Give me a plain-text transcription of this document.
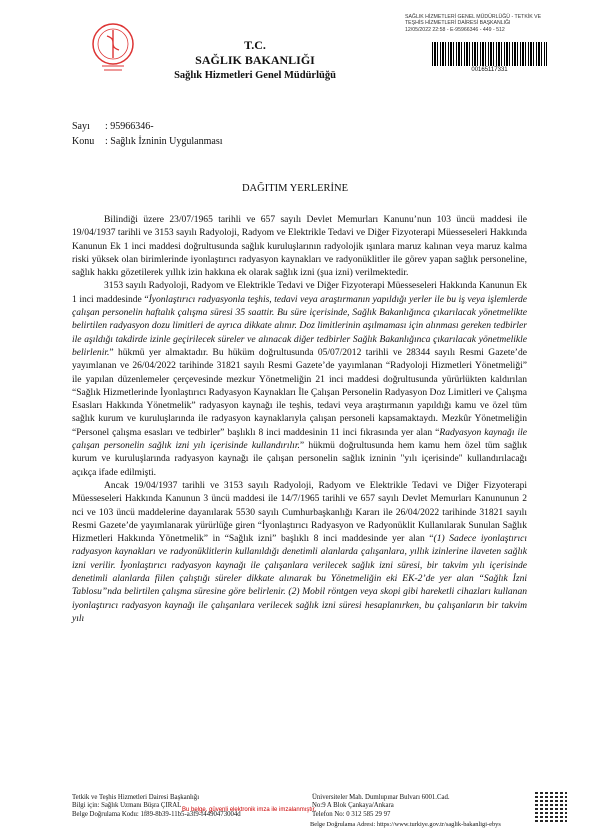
T.C.
SAĞLIK BAKANLIĞI
Sağlık Hizmetleri Genel Müdürlüğü
SAĞLIK HİZMETLERİ GENEL MÜDÜRLÜĞÜ - TETKİK VE
TEŞHİS HİZMETLERİ DAİRESİ BAŞKANLIĞI
12/05/2022 22:58 - E-95966346 - 449 - 512
00165117331
Sayı : 95966346-
Konu : Sağlık İzninin Uygulanması
DAĞITIM YERLERİNE

Bilindiği üzere 23/07/1965 tarihli ve 657 sayılı Devlet Memurları Kanunu’nun 103 üncü maddesi ile 19/04/1937 tarihli ve 3153 sayılı Radyoloji, Radyom ve Elektrikle Tedavi ve Diğer Fizyoterapi Müesseseleri Hakkında Kanunun Ek 1 inci maddesi doğrultusunda sağlık kuruluşlarının radyolojik ışınlara maruz kalınan veya maruz kalma riski yüksek olan birimlerinde iyonlaştırıcı radyasyon kaynakları ve radyonüklitler ile görev yapan sağlık personeline, sağlık hakkı gözetilerek yıllık izin hakkına ek olarak sağlık izni (şua izni) verilmektedir.

3153 sayılı Radyoloji, Radyom ve Elektrikle Tedavi ve Diğer Fizyoterapi Müesseseleri Hakkında Kanunun Ek 1 inci maddesinde “İyonlaştırıcı radyasyonla teşhis, tedavi veya araştırmanın yapıldığı yerler ile bu iş veya işlemlerde çalışan personelin haftalık çalışma süresi 35 saattir. Bu süre içerisinde, Sağlık Bakanlığınca çıkarılacak yönetmelikte belirtilen radyasyon dozu limitleri de ayrıca dikkate alınır. Doz limitlerinin aşılmaması için alınması gereken tedbirler ile aşıldığı takdirde izinle geçirilecek süreler ve alınacak diğer tedbirler Sağlık Bakanlığınca çıkarılacak yönetmelikle belirlenir.” hükmü yer almaktadır. Bu hüküm doğrultusunda 05/07/2012 tarihli ve 28344 sayılı Resmi Gazete’de yayımlanan ve 26/04/2022 tarihinde 31821 sayılı Resmi Gazete’de yayımlanan “Radyoloji Hizmetleri Yönetmeliği” ile yapılan düzenlemeler çerçevesinde mezkur Yönetmeliğin 21 inci maddesi doğrultusunda yürürlükten kaldırılan “Sağlık Hizmetlerinde İyonlaştırıcı Radyasyon Kaynakları İle Çalışan Personelin Radyasyon Doz Limitleri ve Çalışma Esasları Hakkında Yönetmelik” radyasyon kaynağı ile teşhis, tedavi veya araştırmanın yapıldığı kamu ve özel tüm sağlık kurum ve kuruluşlarında ile radyasyon kaynaklarıyla çalışan personeli kapsamaktaydı. Mezkûr Yönetmeliğin “Personel çalışma esasları ve tedbirler” başlıklı 8 inci maddesinin 11 inci fıkrasında yer alan “Radyasyon kaynağı ile çalışan personelin sağlık izni yılı içerisinde kullandırılır.” hükmü doğrultusunda hem kamu hem özel tüm sağlık kurum ve kuruluşlarında radyasyon kaynağı ile çalışan personelin sağlık izninin "yılı içerisinde" kullandırılacağı açıkça ifade edilmişti.

Ancak 19/04/1937 tarihli ve 3153 sayılı Radyoloji, Radyom ve Elektrikle Tedavi ve Diğer Fizyoterapi Müesseseleri Hakkında Kanunun 3 üncü maddesi ile 14/7/1965 tarihli ve 657 sayılı Devlet Memurları Kanununun 2 nci ve 103 üncü maddelerine dayanılarak 5530 sayılı Cumhurbaşkanlığı Kararı ile 26/04/2022 tarihinde 31821 sayılı Resmi Gazete’de yayımlanarak yürürlüğe giren “İyonlaştırıcı Radyasyon ve Radyonüklit Kullanılarak Sunulan Sağlık Hizmetleri Hakkında Yönetmelik” in “Sağlık izni” başlıklı 8 inci maddesinde yer alan “(1) Sadece iyonlaştırıcı radyasyon kaynakları ve radyonüklitlerin kullanıldığı denetimli alanlarda çalışanlara, yıllık izinlerine ilaveten sağlık izni verilir. İyonlaştırıcı radyasyon kaynağı ile çalışanlara verilecek sağlık izni süresi, bir takvim yılı içerisinde denetimli alanlarda fiilen çalıştığı süreler dikkate alınarak bu Yönetmeliğin eki EK-2’de yer alan “Sağlık İzni Tablosu”nda belirtilen çalışma süresine göre belirlenir. (2) Mobil röntgen veya skopi gibi hareketli cihazları kullanan iyonlaştırıcı radyasyon kaynağı ile çalışanlara verilecek sağlık izni süresi hesaplanırken, bu çalışanların bir takvim yılı

Tetkik ve Teşhis Hizmetleri Dairesi Başkanlığı
Bilgi için: Sağlık Uzmanı Büşra ÇIRAL
Belge Doğrulama Kodu: 1f89-8b39-11b5-a3f9-f4490473004d
Üniversiteler Mah. Dumlupınar Bulvarı 6001.Cad.
No:9 A Blok Çankaya/Ankara
Telefon No: 0 312 585 29 97
Bu belge, güvenli elektronik imza ile imzalanmıştır.
Belge Doğrulama Adresi: https://www.turkiye.gov.tr/saglik-bakanligi-ebys
